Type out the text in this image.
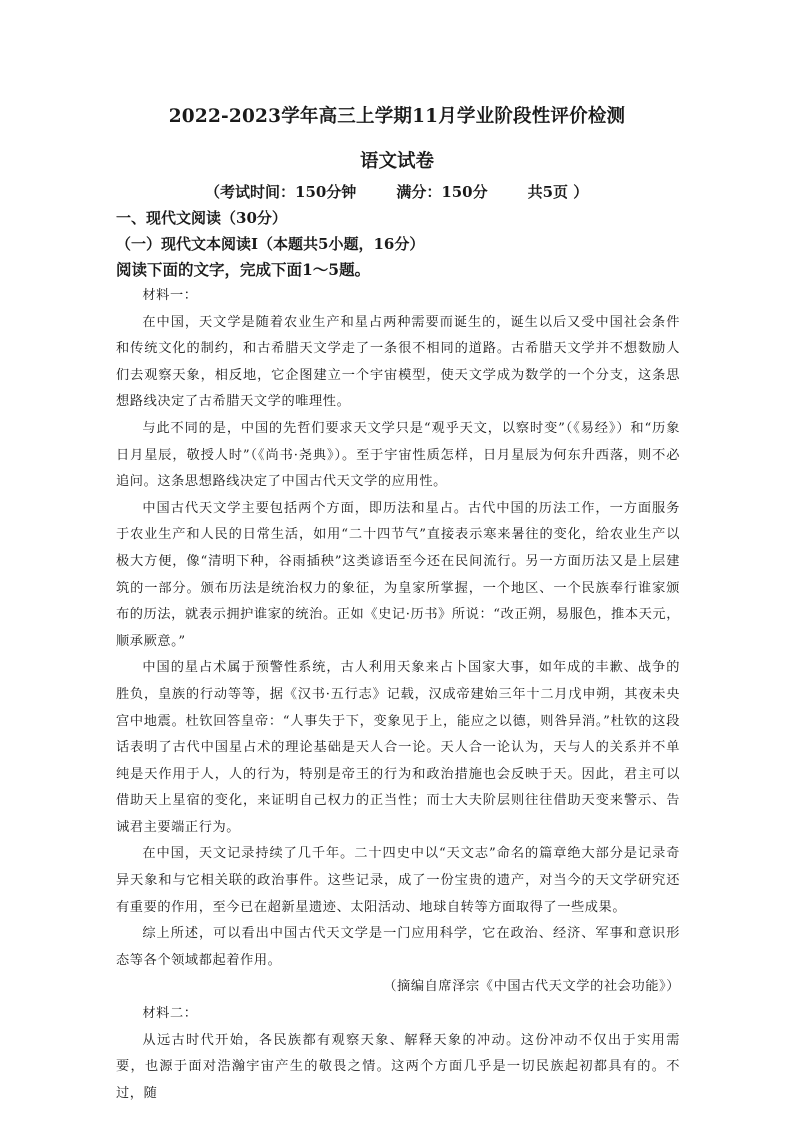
2022-2023学年高三上学期11月学业阶段性评价检测
语文试卷
（考试时间：150分钟	满分：150分	共5页 ）
一、现代文阅读（30分）
（一）现代文本阅读Ⅰ（本题共5小题，16分）
阅读下面的文字，完成下面1～5题。

材料一：

在中国，天文学是随着农业生产和星占两种需要而诞生的，诞生以后又受中国社会条件和传统文化的制约，和古希腊天文学走了一条很不相同的道路。古希腊天文学并不想数励人们去观察天象，相反地，它企图建立一个宇宙模型，使天文学成为数学的一个分支，这条思想路线决定了古希腊天文学的唯理性。

与此不同的是，中国的先哲们要求天文学只是“观乎天文，以察时变”（《易经》）和“历象日月星辰，敬授人时”（《尚书·尧典》）。至于宇宙性质怎样，日月星辰为何东升西落，则不必追问。这条思想路线决定了中国古代天文学的应用性。

中国古代天文学主要包括两个方面，即历法和星占。古代中国的历法工作，一方面服务于农业生产和人民的日常生活，如用“二十四节气”直接表示寒来暑往的变化，给农业生产以极大方便，像“清明下种，谷雨插秧”这类谚语至今还在民间流行。另一方面历法又是上层建筑的一部分。颁布历法是统治权力的象征，为皇家所掌握，一个地区、一个民族奉行谁家颁布的历法，就表示拥护谁家的统治。正如《史记·历书》所说：“改正朔，易服色，推本天元，顺承厥意。”

中国的星占术属于预警性系统，古人利用天象来占卜国家大事，如年成的丰歉、战争的胜负，皇族的行动等等，据《汉书·五行志》记载，汉成帝建始三年十二月戊申朔，其夜未央宫中地震。杜钦回答皇帝：“人事失于下，变象见于上，能应之以德，则咎异消。”杜钦的这段话表明了古代中国星占术的理论基础是天人合一论。天人合一论认为，天与人的关系并不单纯是天作用于人，人的行为，特别是帝王的行为和政治措施也会反映于天。因此，君主可以借助天上星宿的变化，来证明自己权力的正当性；而士大夫阶层则往往借助天变来警示、告诫君主要端正行为。

在中国，天文记录持续了几千年。二十四史中以“天文志”命名的篇章绝大部分是记录奇异天象和与它相关联的政治事件。这些记录，成了一份宝贵的遗产，对当今的天文学研究还有重要的作用，至今已在超新星遗迹、太阳活动、地球自转等方面取得了一些成果。

综上所述，可以看出中国古代天文学是一门应用科学，它在政治、经济、军事和意识形态等各个领域都起着作用。

（摘编自席泽宗《中国古代天文学的社会功能》）

材料二：

从远古时代开始，各民族都有观察天象、解释天象的冲动。这份冲动不仅出于实用需要，也源于面对浩瀚宇宙产生的敬畏之情。这两个方面几乎是一切民族起初都具有的。不过，随
